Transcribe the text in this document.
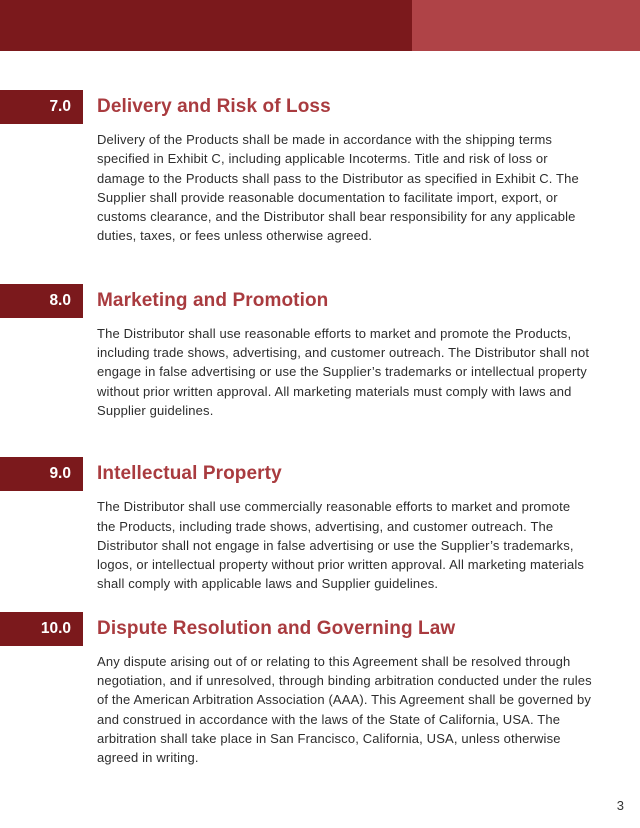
7.0	Delivery and Risk of Loss

Delivery of the Products shall be made in accordance with the shipping terms specified in Exhibit C, including applicable Incoterms. Title and risk of loss or damage to the Products shall pass to the Distributor as specified in Exhibit C. The Supplier shall provide reasonable documentation to facilitate import, export, or customs clearance, and the Distributor shall bear responsibility for any applicable duties, taxes, or fees unless otherwise agreed.

8.0	Marketing and Promotion

The Distributor shall use reasonable efforts to market and promote the Products, including trade shows, advertising, and customer outreach. The Distributor shall not engage in false advertising or use the Supplier’s trademarks or intellectual property without prior written approval. All marketing materials must comply with laws and Supplier guidelines.

9.0	Intellectual Property

The Distributor shall use commercially reasonable efforts to market and promote the Products, including trade shows, advertising, and customer outreach. The Distributor shall not engage in false advertising or use the Supplier’s trademarks, logos, or intellectual property without prior written approval. All marketing materials shall comply with applicable laws and Supplier guidelines.

10.0	Dispute Resolution and Governing Law

Any dispute arising out of or relating to this Agreement shall be resolved through negotiation, and if unresolved, through binding arbitration conducted under the rules of the American Arbitration Association (AAA). This Agreement shall be governed by and construed in accordance with the laws of the State of California, USA. The arbitration shall take place in San Francisco, California, USA, unless otherwise agreed in writing.

3
